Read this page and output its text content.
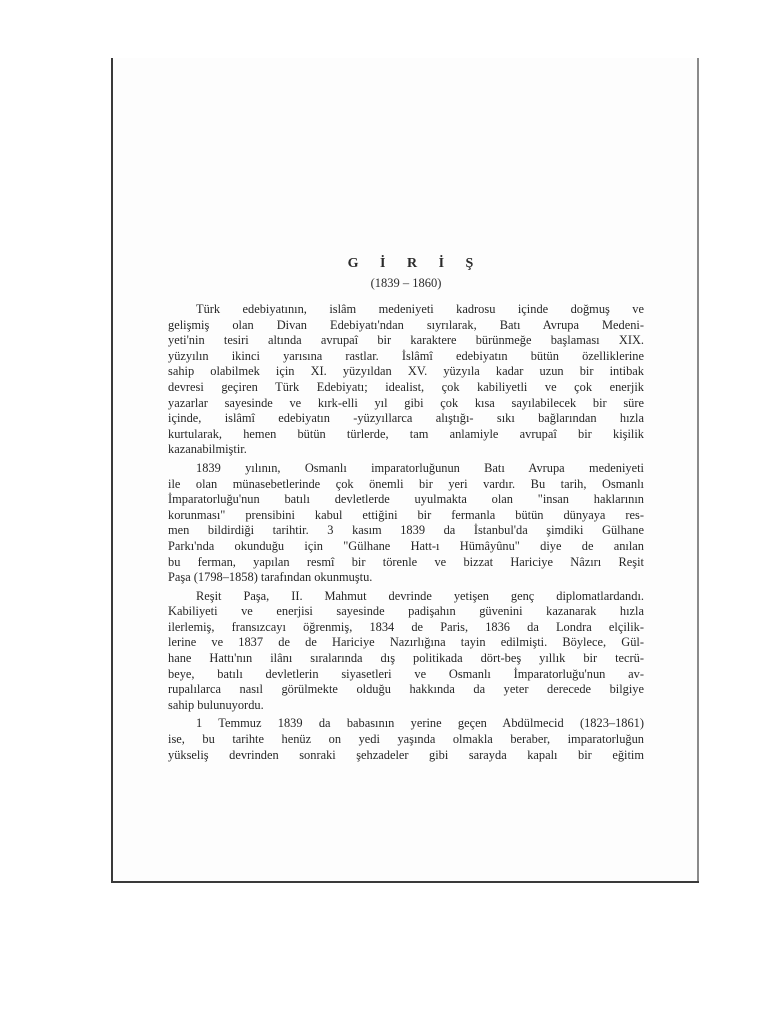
G İ R İ Ş
(1839 – 1860)

Türk edebiyatının, islâm medeniyeti kadrosu içinde doğmuş ve
gelişmiş olan Divan Edebiyatı'ndan sıyrılarak, Batı Avrupa Medeni-
yeti'nin tesiri altında avrupaî bir karaktere bürünmeğe başlaması XIX.
yüzyılın ikinci yarısına rastlar. İslâmî edebiyatın bütün özelliklerine
sahip olabilmek için XI. yüzyıldan XV. yüzyıla kadar uzun bir intibak
devresi geçiren Türk Edebiyatı; idealist, çok kabiliyetli ve çok enerjik
yazarlar sayesinde ve kırk-elli yıl gibi çok kısa sayılabilecek bir süre
içinde, islâmî edebiyatın -yüzyıllarca alıştığı- sıkı bağlarından hızla
kurtularak, hemen bütün türlerde, tam anlamiyle avrupaî bir kişilik
kazanabilmiştir.

1839 yılının, Osmanlı imparatorluğunun Batı Avrupa medeniyeti
ile olan münasebetlerinde çok önemli bir yeri vardır. Bu tarih, Osmanlı
İmparatorluğu'nun batılı devletlerde uyulmakta olan "insan haklarının
korunması" prensibini kabul ettiğini bir fermanla bütün dünyaya res-
men bildirdiği tarihtir. 3 kasım 1839 da İstanbul'da şimdiki Gülhane
Parkı'nda okunduğu için "Gülhane Hatt-ı Hümâyûnu" diye de anılan
bu ferman, yapılan resmî bir törenle ve bizzat Hariciye Nâzırı Reşit
Paşa (1798–1858) tarafından okunmuştu.

Reşit Paşa, II. Mahmut devrinde yetişen genç diplomatlardandı.
Kabiliyeti ve enerjisi sayesinde padişahın güvenini kazanarak hızla
ilerlemiş, fransızcayı öğrenmiş, 1834 de Paris, 1836 da Londra elçilik-
lerine ve 1837 de de Hariciye Nazırlığına tayin edilmişti. Böylece, Gül-
hane Hattı'nın ilânı sıralarında dış politikada dört-beş yıllık bir tecrü-
beye, batılı devletlerin siyasetleri ve Osmanlı İmparatorluğu'nun av-
rupalılarca nasıl görülmekte olduğu hakkında da yeter derecede bilgiye
sahip bulunuyordu.

1 Temmuz 1839 da babasının yerine geçen Abdülmecid (1823–1861)
ise, bu tarihte henüz on yedi yaşında olmakla beraber, imparatorluğun
yükseliş devrinden sonraki şehzadeler gibi sarayda kapalı bir eğitim
